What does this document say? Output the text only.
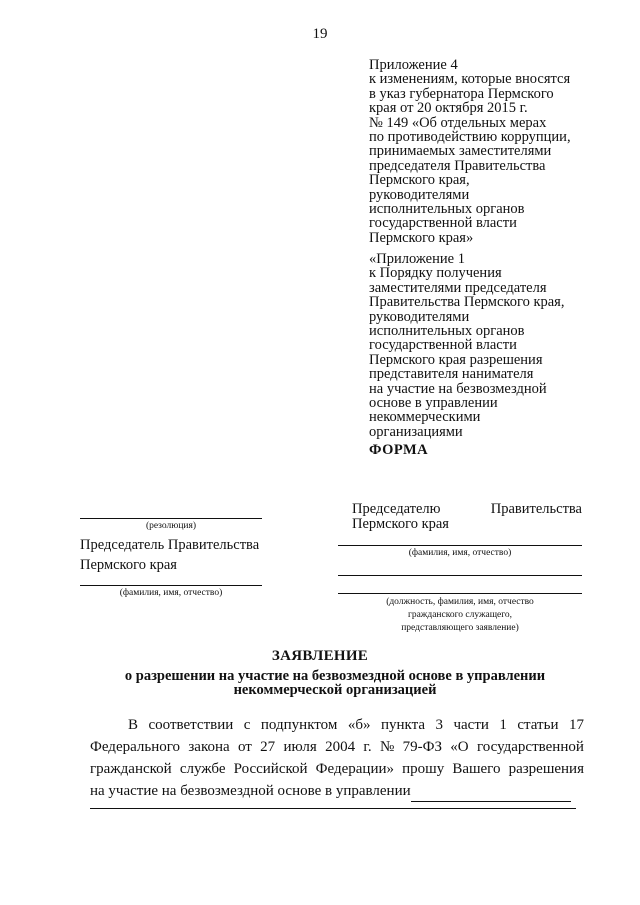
19
Приложение 4
к изменениям, которые вносятся
в указ губернатора Пермского
края от 20 октября 2015 г.
№ 149 «Об отдельных мерах
по противодействию коррупции,
принимаемых заместителями
председателя Правительства
Пермского края,
руководителями
исполнительных органов
государственной власти
Пермского края»
«Приложение 1
к Порядку получения
заместителями председателя
Правительства Пермского края,
руководителями
исполнительных органов
государственной власти
Пермского края разрешения
представителя нанимателя
на участие на безвозмездной
основе в управлении
некоммерческими
организациями
ФОРМА
Председателю	Правительства
Пермского края
(фамилия, имя, отчество)
(должность, фамилия, имя, отчество
гражданского служащего,
представляющего заявление)
(резолюция)
Председатель Правительства
Пермского края
(фамилия, имя, отчество)
ЗАЯВЛЕНИЕ
о разрешении на участие на безвозмездной основе в управлении
некоммерческой организацией
В соответствии с подпунктом «б» пункта 3 части 1 статьи 17
Федерального закона от 27 июля 2004 г. № 79-ФЗ «О государственной
гражданской службе Российской Федерации» прошу Вашего разрешения
на участие на безвозмездной основе в управлении
